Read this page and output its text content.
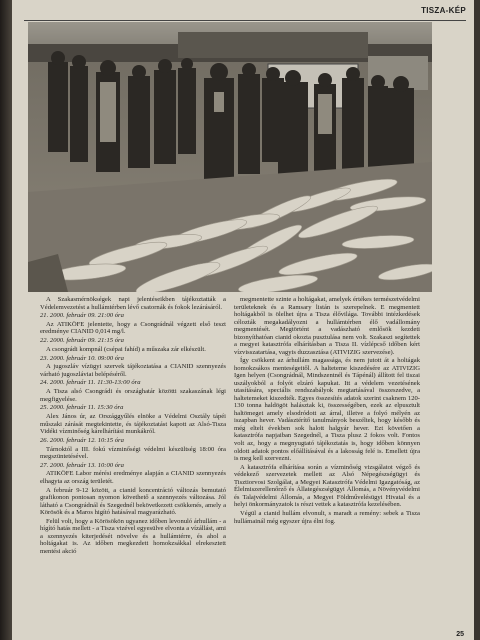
TISZA-KÉP

A Szakasmérnökségek napi jelentéseikben tájékoztatták a Védelemvezetést a hullámtérben lévő csatornák és fokok lezárásáról.

21. 2000. február 09. 21:00 óra

Az ATIKÖFE jelentette, hogy a Csongrádnál végzett első teszt eredménye CIANID 0,014 mg/l.

22. 2000. február 09. 21:15 óra

A csongrádi kompnál (csépai fahíd) a műszaka zár elkészült.

23. 2000. február 10. 09:00 óra

A jugoszláv vízügyi szervek tájékoztatása a CIANID szennyezés várható jugoszláviai belépéséről.

24. 2000. február 11. 11:30-13:00 óra

A Tisza alsó Csongrádi és országhatár közötti szakaszának légi megfigyelése.

25. 2000. február 11. 15:30 óra

Alex János úr, az Országgyűlés elnöke a Védelmi Osztály tápéi műszaki zárását megtekintette, és tájékoztatást kapott az Alsó-Tisza Vidéki vízminőség kárelhárítási munkákról.

26. 2000. február 12. 10:15 óra

Tárnoktól a III. fokú vízminőségi védelmi készültség 18:00 óra megszüntetésével.

27. 2000. február 13. 10:00 óra

ATIKÖFE Labor mérési eredménye alapján a CIANID szennyezés elhagyta az ország területét.

A február 9-12 között, a cianid koncentráció változás bemutató grafikonon pontosan nyomon követhető a szennyezés változása. Jól látható a Csongrádnál és Szegednél bekövetkezett csökkenés, amely a Körösök és a Maros higító hatásával magyarázható.

Felül volt, hogy a Körösökön ugyanez időben levonuló árhullám - a hígító hatás mellett - a Tisza vizével egyesülve elvonta a vízállást, ami a szennyezés kiterjedését növelve és a hullámtérre, és ahol a holtágakat is. Az időben megkezdett homokzsákkal elrekesztett mentési akció

megmentette szinte a holtágakat, amelyek értékes természetvédelmi területeknek és a Ramsary listán is szerepelnek. E megmentett holtágakból is ölelhet újra a Tisza élővilága. További intézkedések célozták megakadályozni a hullámtérben élő vadállomány megmentését. Megtörtént a vadászható emlősök kezdeti bizonyíthatóan cianid okozta pusztulása nem volt. Szakaszi segítettek a megyei katasztrófa elhárításban a Tisza II. vízlépcső időben kért vízvisszatartása, vagyis duzzasztása (ATIVIZIG szervezése).

Így csökkent az árhullám magassága, és nem jutott át a holtágak homokzsákos menteségeitől. A halteteme kiszedésére az ATIVIZIG Igen helyen (Csongrádnál, Mindszentnél és Tápénál) állított fel tiszai uszályokból a folyót elzáró kapukat. Itt a védelem vezetésének utasítására, speciális rendszabályok megtartásával összeszedve, a haltetemeket kiszedték. Egyes összesítés adatok szerint csaknem 120-130 tonna haldögöt halásztak ki, összességében, ezek az elpusztult haltömeget amely elsodródott az árral, illetve a folyó mélyén az iszapban hever. Vadásztérítő tanulmányok beszéltek, hogy később és még eltelt években sok halott halgyár hever. Ezt követően a katasztrófa napjaiban Szegednél, a Tisza plusz 2 fokos volt. Fontos volt az, hogy a megnyugtató tájékoztatás is, hogy időben könnyen oldott adatok pontos előállításával és a lakosság felé is. Emellett újra is meg kell szervezni.

A katasztrófa elhárítása során a vízminőség vizsgálatot végző és védekező szervezetek mellett az Alsó Népegészségügyi és Tisztiorvosi Szolgálat, a Megyei Katasztrófa Védelmi Igazgatóság, az Élelmiszerellenőrző és Állategészségügyi Állomás, a Növényvédelmi és Talajvédelmi Állomás, a Megyei Földművelésügyi Hivatal és a helyi önkormányzatok is részt vettek a katasztrófa kezelésében.

Végül a cianid hullám elvonult, s maradt a remény: sebek a Tisza hullámainál még egyszer újra élni fog.

25
